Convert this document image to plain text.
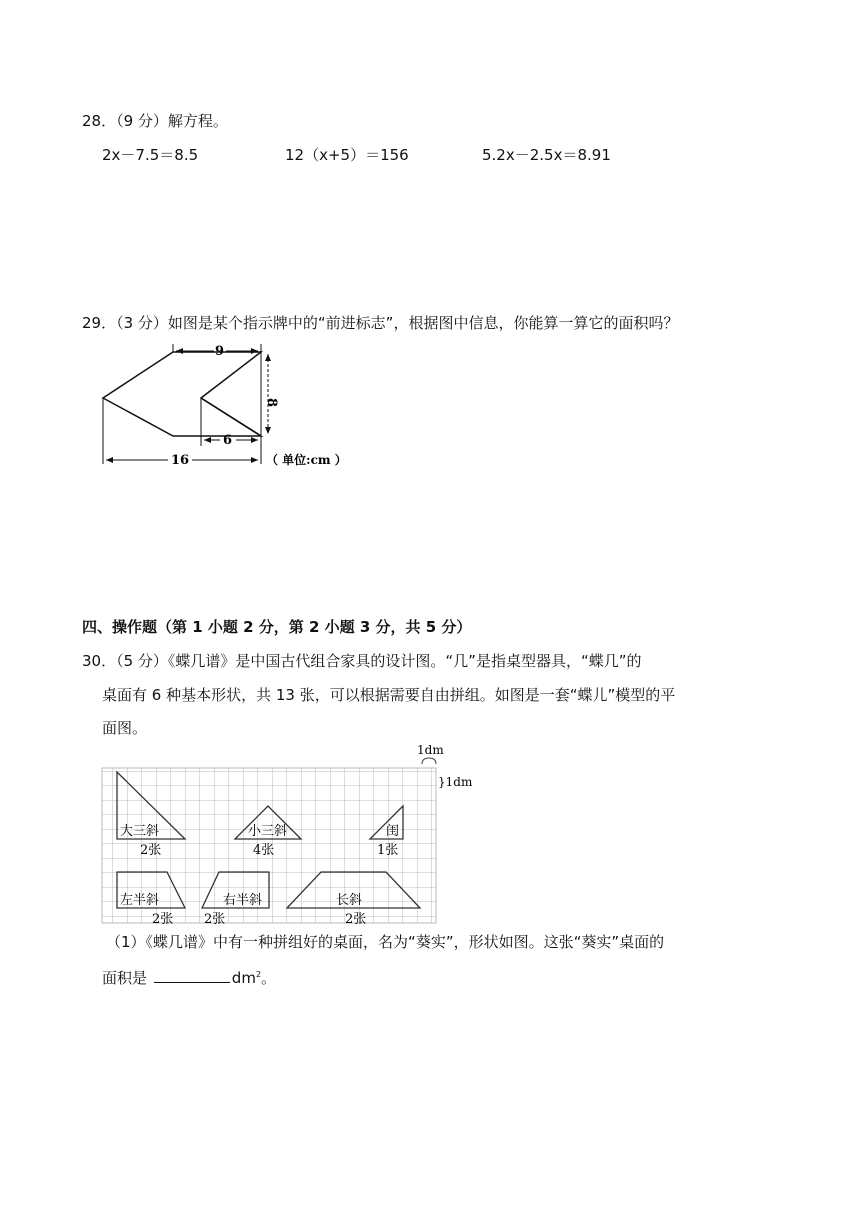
28．（9 分）解方程。
2x－7.5＝8.5	12（x+5）＝156	5.2x－2.5x＝8.91
29．（3 分）如图是某个指示牌中的“前进标志”，根据图中信息，你能算一算它的面积吗？
9
8
6
16	（ 单位:cm ）
四、操作题（第 1 小题 2 分，第 2 小题 3 分，共 5 分）
30．（5 分）《蝶几谱》是中国古代组合家具的设计图。“几”是指桌型器具，“蝶几”的
桌面有 6 种基本形状，共 13 张，可以根据需要自由拼组。如图是一套“蝶儿”模型的平
面图。
1dm
}1dm
大三斜
2张
小三斜
4张
闺
1张
左半斜
2张
右半斜
2张
长斜
2张
（1）《蝶几谱》中有一种拼组好的桌面，名为“葵实”，形状如图。这张“葵实”桌面的
面积是	$dm^2$。
